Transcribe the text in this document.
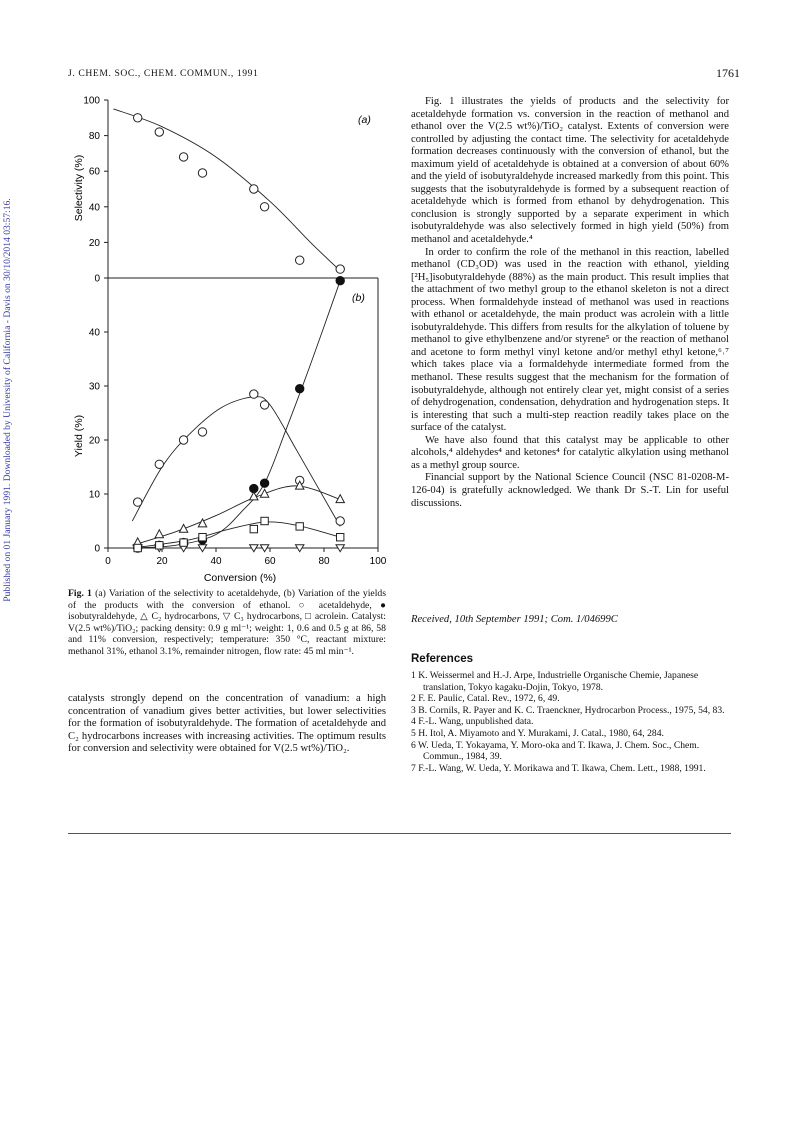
J. CHEM. SOC., CHEM. COMMUN., 1991	1761
Published on 01 January 1991. Downloaded by University of California - Davis on 30/10/2014 03:57:16.	0
20
40
60
80
100
0
10
20
30
40
0	20	40	60	80	100
(a)
(b)
Conversion (%)
Selectivity (%)
Yield (%)
Fig. 1 (a) Variation of the selectivity to acetaldehyde, (b) Variation of the yields of the products with the conversion of ethanol. ○ acetaldehyde, ● isobutyraldehyde, △ C₂ hydrocarbons, ▽ C₃ hydrocarbons, □ acrolein. Catalyst: V(2.5 wt%)/TiO₂; packing density: 0.9 g ml⁻¹; weight: 1, 0.6 and 0.5 g at 86, 58 and 11% conversion, respectively; temperature: 350 °C, reactant mixture: methanol 31%, ethanol 3.1%, remainder nitrogen, flow rate: 45 ml min⁻¹.

catalysts strongly depend on the concentration of vanadium: a high concentration of vanadium gives better activities, but lower selectivities for the formation of isobutyraldehyde. The formation of acetaldehyde and C₂ hydrocarbons increases with increasing activities. The optimum results for conversion and selectivity were obtained for V(2.5 wt%)/TiO₂.

Fig. 1 illustrates the yields of products and the selectivity for acetaldehyde formation vs. conversion in the reaction of methanol and ethanol over the V(2.5 wt%)/TiO₂ catalyst. Extents of conversion were controlled by adjusting the contact time. The selectivity for acetaldehyde formation decreases continuously with the conversion of ethanol, but the maximum yield of acetaldehyde is obtained at a conversion of about 60% and the yield of isobutyraldehyde increased markedly from this point. This suggests that the isobutyraldehyde is formed by a subsequent reaction of acetaldehyde which is formed from ethanol by dehydrogenation. This conclusion is strongly supported by a separate experiment in which isobutyraldehyde was also selectively formed in high yield (50%) from methanol and acetaldehyde.⁴

In order to confirm the role of the methanol in this reaction, labelled methanol (CD₃OD) was used in the reaction with ethanol, yielding [²H₅]isobutyraldehyde (88%) as the main product. This result implies that the attachment of two methyl group to the ethanol skeleton is not a direct process. When formaldehyde instead of methanol was used in reactions with ethanol or acetaldehyde, the main product was acrolein with a little isobutyraldehyde. This differs from results for the alkylation of toluene by methanol to give ethylbenzene and/or styrene⁵ or the reaction of methanol and acetone to form methyl vinyl ketone and/or methyl ethyl ketone,⁶˒⁷ which takes place via a formaldehyde intermediate formed from the methanol. These results suggest that the mechanism for the formation of isobutyraldehyde, although not entirely clear yet, might consist of a series of dehydrogenation, condensation, dehydration and hydrogenation steps. It is interesting that such a multi-step reaction readily takes place on the surface of the catalyst.

We have also found that this catalyst may be applicable to other alcohols,⁴ aldehydes⁴ and ketones⁴ for catalytic alkylation using methanol as a methyl group source.

Financial support by the National Science Council (NSC 81-0208-M-126-04) is gratefully acknowledged. We thank Dr S.-T. Lin for useful discussions.

Received, 10th September 1991; Com. 1/04699C
References

1 K. Weissermel and H.-J. Arpe, Industrielle Organische Chemie, Japanese translation, Tokyo kagaku-Dojin, Tokyo, 1978.

2 F. E. Paulic, Catal. Rev., 1972, 6, 49.

3 B. Cornils, R. Payer and K. C. Traenckner, Hydrocarbon Process., 1975, 54, 83.

4 F.-L. Wang, unpublished data.

5 H. Itol, A. Miyamoto and Y. Murakami, J. Catal., 1980, 64, 284.

6 W. Ueda, T. Yokayama, Y. Moro-oka and T. Ikawa, J. Chem. Soc., Chem. Commun., 1984, 39.

7 F.-L. Wang, W. Ueda, Y. Morikawa and T. Ikawa, Chem. Lett., 1988, 1991.
